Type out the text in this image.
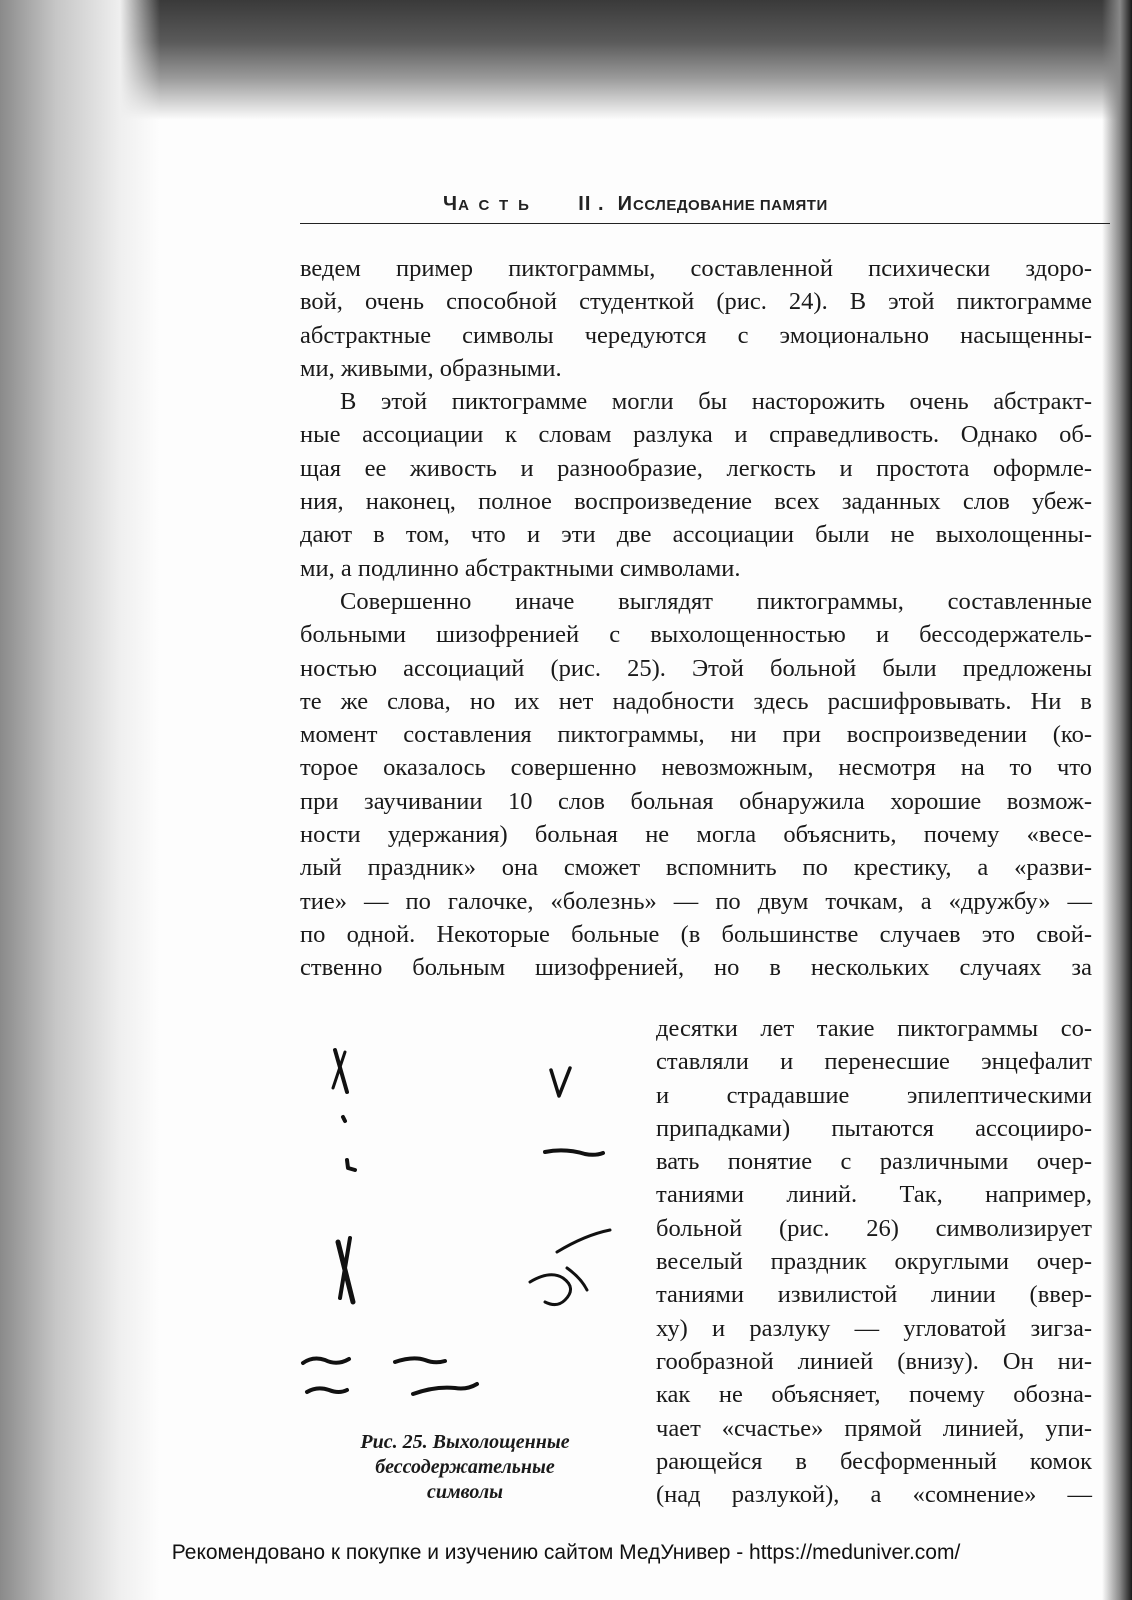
ЧАСТЬ II .  ИССЛЕДОВАНИЕ ПАМЯТИ
ведем пример пиктограммы, составленной психически здоро-
вой, очень способной студенткой (рис. 24). В этой пиктограмме
абстрактные символы чередуются с эмоционально насыщенны-
ми, живыми, образными.
В этой пиктограмме могли бы насторожить очень абстракт-
ные ассоциации к словам разлука и справедливость. Однако об-
щая ее живость и разнообразие, легкость и простота оформле-
ния, наконец, полное воспроизведение всех заданных слов убеж-
дают в том, что и эти две ассоциации были не выхолощенны-
ми, а подлинно абстрактными символами.
Совершенно иначе выглядят пиктограммы, составленные
больными шизофренией с выхолощенностью и бессодержатель-
ностью ассоциаций (рис. 25). Этой больной были предложены
те же слова, но их нет надобности здесь расшифровывать. Ни в
момент составления пиктограммы, ни при воспроизведении (ко-
торое оказалось совершенно невозможным, несмотря на то что
при заучивании 10 слов больная обнаружила хорошие возмож-
ности удержания) больная не могла объяснить, почему «весе-
лый праздник» она сможет вспомнить по крестику, а «разви-
тие» — по галочке, «болезнь» — по двум точкам, а «дружбу» —
по одной. Некоторые больные (в большинстве случаев это свой-
ственно больным шизофренией, но в нескольких случаях за
Рис. 25. Выхолощенные
бессодержательные
символы
десятки лет такие пиктограммы со-
ставляли и перенесшие энцефалит
и страдавшие эпилептическими
припадками) пытаются ассоцииро-
вать понятие с различными очер-
таниями линий. Так, например,
больной (рис. 26) символизирует
веселый праздник округлыми очер-
таниями извилистой линии (ввер-
ху) и разлуку — угловатой зигза-
гообразной линией (внизу). Он ни-
как не объясняет, почему обозна-
чает «счастье» прямой линией, упи-
рающейся в бесформенный комок
(над разлукой), а «сомнение» —
Рекомендовано к покупке и изучению сайтом МедУнивер - https://meduniver.com/
